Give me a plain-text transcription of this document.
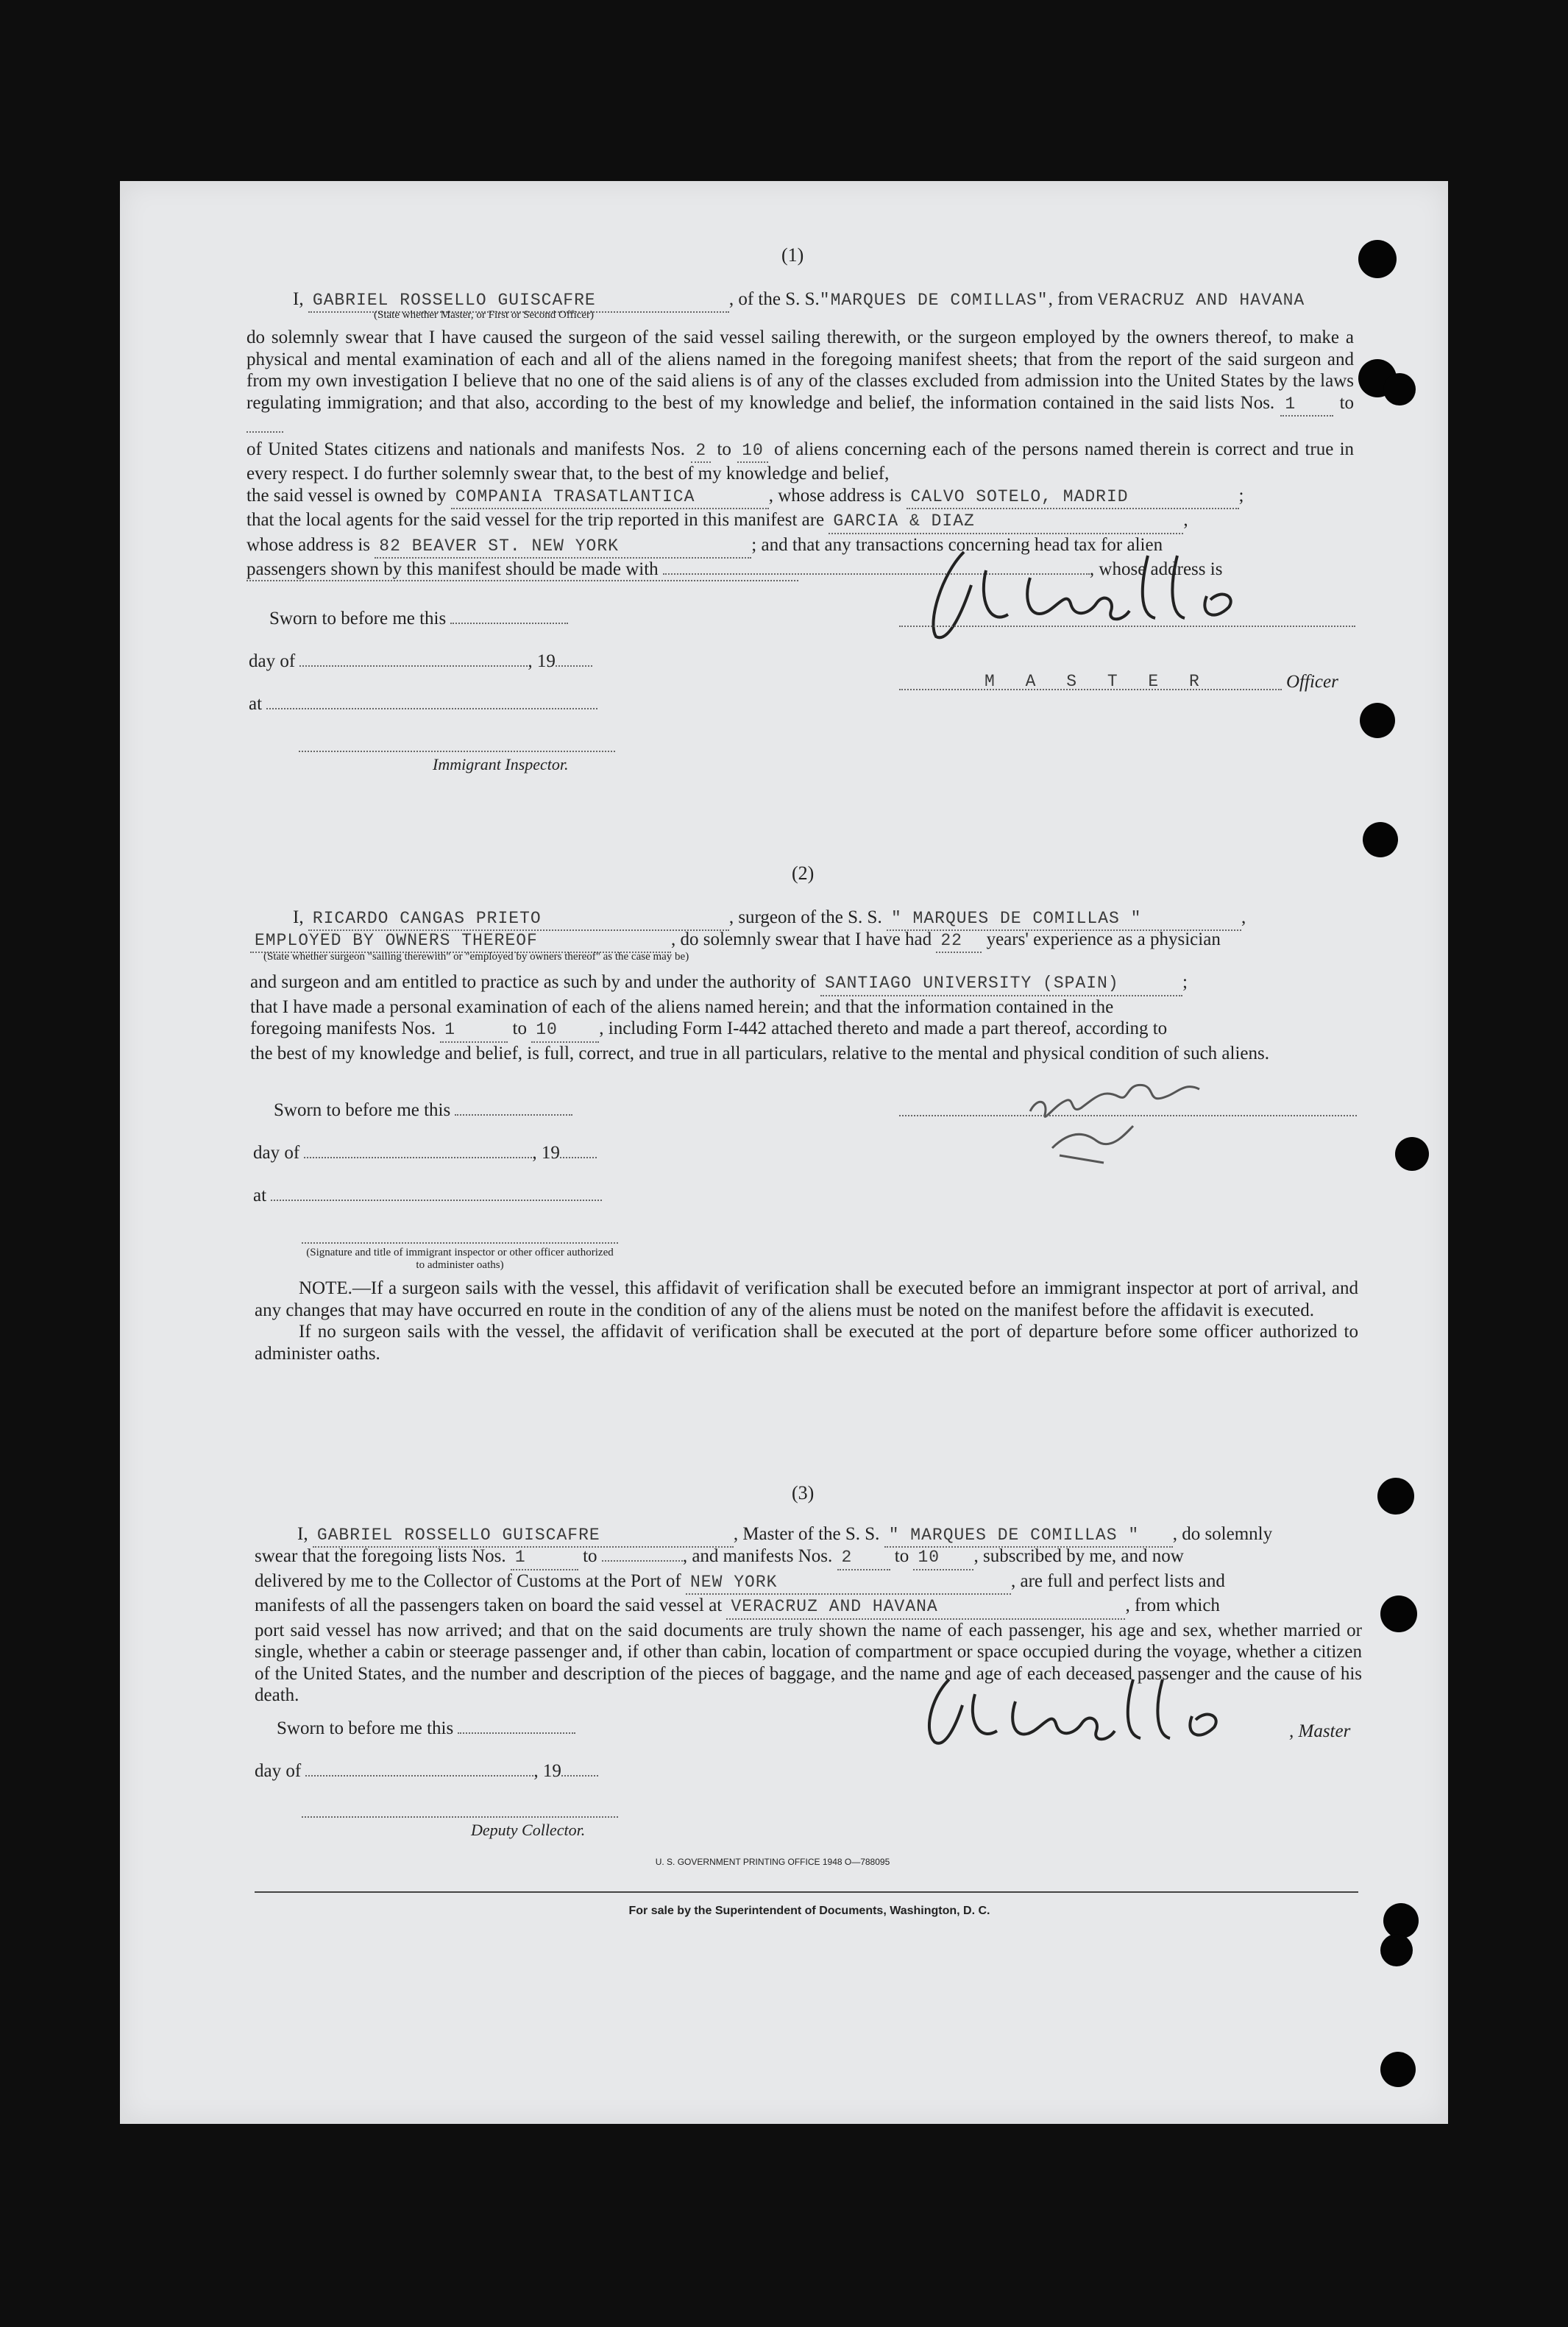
(1)
I, GABRIEL ROSSELLO GUISCAFRE	, of the S. S."MARQUES DE COMILLAS", from VERACRUZ AND HAVANA
(State whether Master, or First or Second Officer)

do solemnly swear that I have caused the surgeon of the said vessel sailing therewith, or the surgeon employed by the owners thereof, to make a physical and mental examination of each and all of the aliens named in the foregoing manifest sheets; that from the report of the said surgeon and from my own investigation I believe that no one of the said aliens is of any of the classes excluded from admission into the United States by the laws regulating immigration; and that also, according to the best of my knowledge and belief, the information contained in the said lists Nos. 1 to

of United States citizens and nationals and manifests Nos. 2 to 10 of aliens concerning each of the persons named therein is correct and true in every respect. I do further solemnly swear that, to the best of my knowledge and belief,

the said vessel is owned by COMPANIA TRASATLANTICA	, whose address is CALVO SOTELO, MADRID	;

that the local agents for the said vessel for the trip reported in this manifest are GARCIA & DIAZ	,

whose address is 82 BEAVER ST. NEW YORK	; and that any transactions concerning head tax for alien

passengers shown by this manifest should be made with	, whose address is

M A S T E R	Officer
Sworn to before me this
day of	, 19
at
Immigrant Inspector.
(2)
I, RICARDO CANGAS PRIETO	, surgeon of the S. S. " MARQUES DE COMILLAS "	,
EMPLOYED BY OWNERS THEREOF	, do solemnly swear that I have had 22 years' experience as a physician
(State whether surgeon "sailing therewith" or "employed by owners thereof" as the case may be)

and surgeon and am entitled to practice as such by and under the authority of SANTIAGO UNIVERSITY (SPAIN)	;

that I have made a personal examination of each of the aliens named herein; and that the information contained in the

foregoing manifests Nos. 1	to 10 , including Form I-442 attached thereto and made a part thereof, according to

the best of my knowledge and belief, is full, correct, and true in all particulars, relative to the mental and physical condition of such aliens.

Sworn to before me this
day of	, 19
at
(Signature and title of immigrant inspector or other officer authorized to administer oaths)

NOTE.—If a surgeon sails with the vessel, this affidavit of verification shall be executed before an immigrant inspector at port of arrival, and any changes that may have occurred en route in the condition of any of the aliens must be noted on the manifest before the affidavit is executed.

If no surgeon sails with the vessel, the affidavit of verification shall be executed at the port of departure before some officer authorized to administer oaths.

(3)
I, GABRIEL ROSSELLO GUISCAFRE	, Master of the S. S. " MARQUES DE COMILLAS " , do solemnly

swear that the foregoing lists Nos. 1	to	, and manifests Nos. 2 to 10 , subscribed by me, and now

delivered by me to the Collector of Customs at the Port of NEW YORK	, are full and perfect lists and

manifests of all the passengers taken on board the said vessel at VERACRUZ AND HAVANA	, from which

port said vessel has now arrived; and that on the said documents are truly shown the name of each passenger, his age and sex, whether married or single, whether a cabin or steerage passenger and, if other than cabin, location of compartment or space occupied during the voyage, whether a citizen of the United States, and the number and description of the pieces of baggage, and the name and age of each deceased passenger and the cause of his death.

, Master
Sworn to before me this
day of	, 19
Deputy Collector.
U. S. GOVERNMENT PRINTING OFFICE 1948 O—788095
For sale by the Superintendent of Documents, Washington, D. C.
